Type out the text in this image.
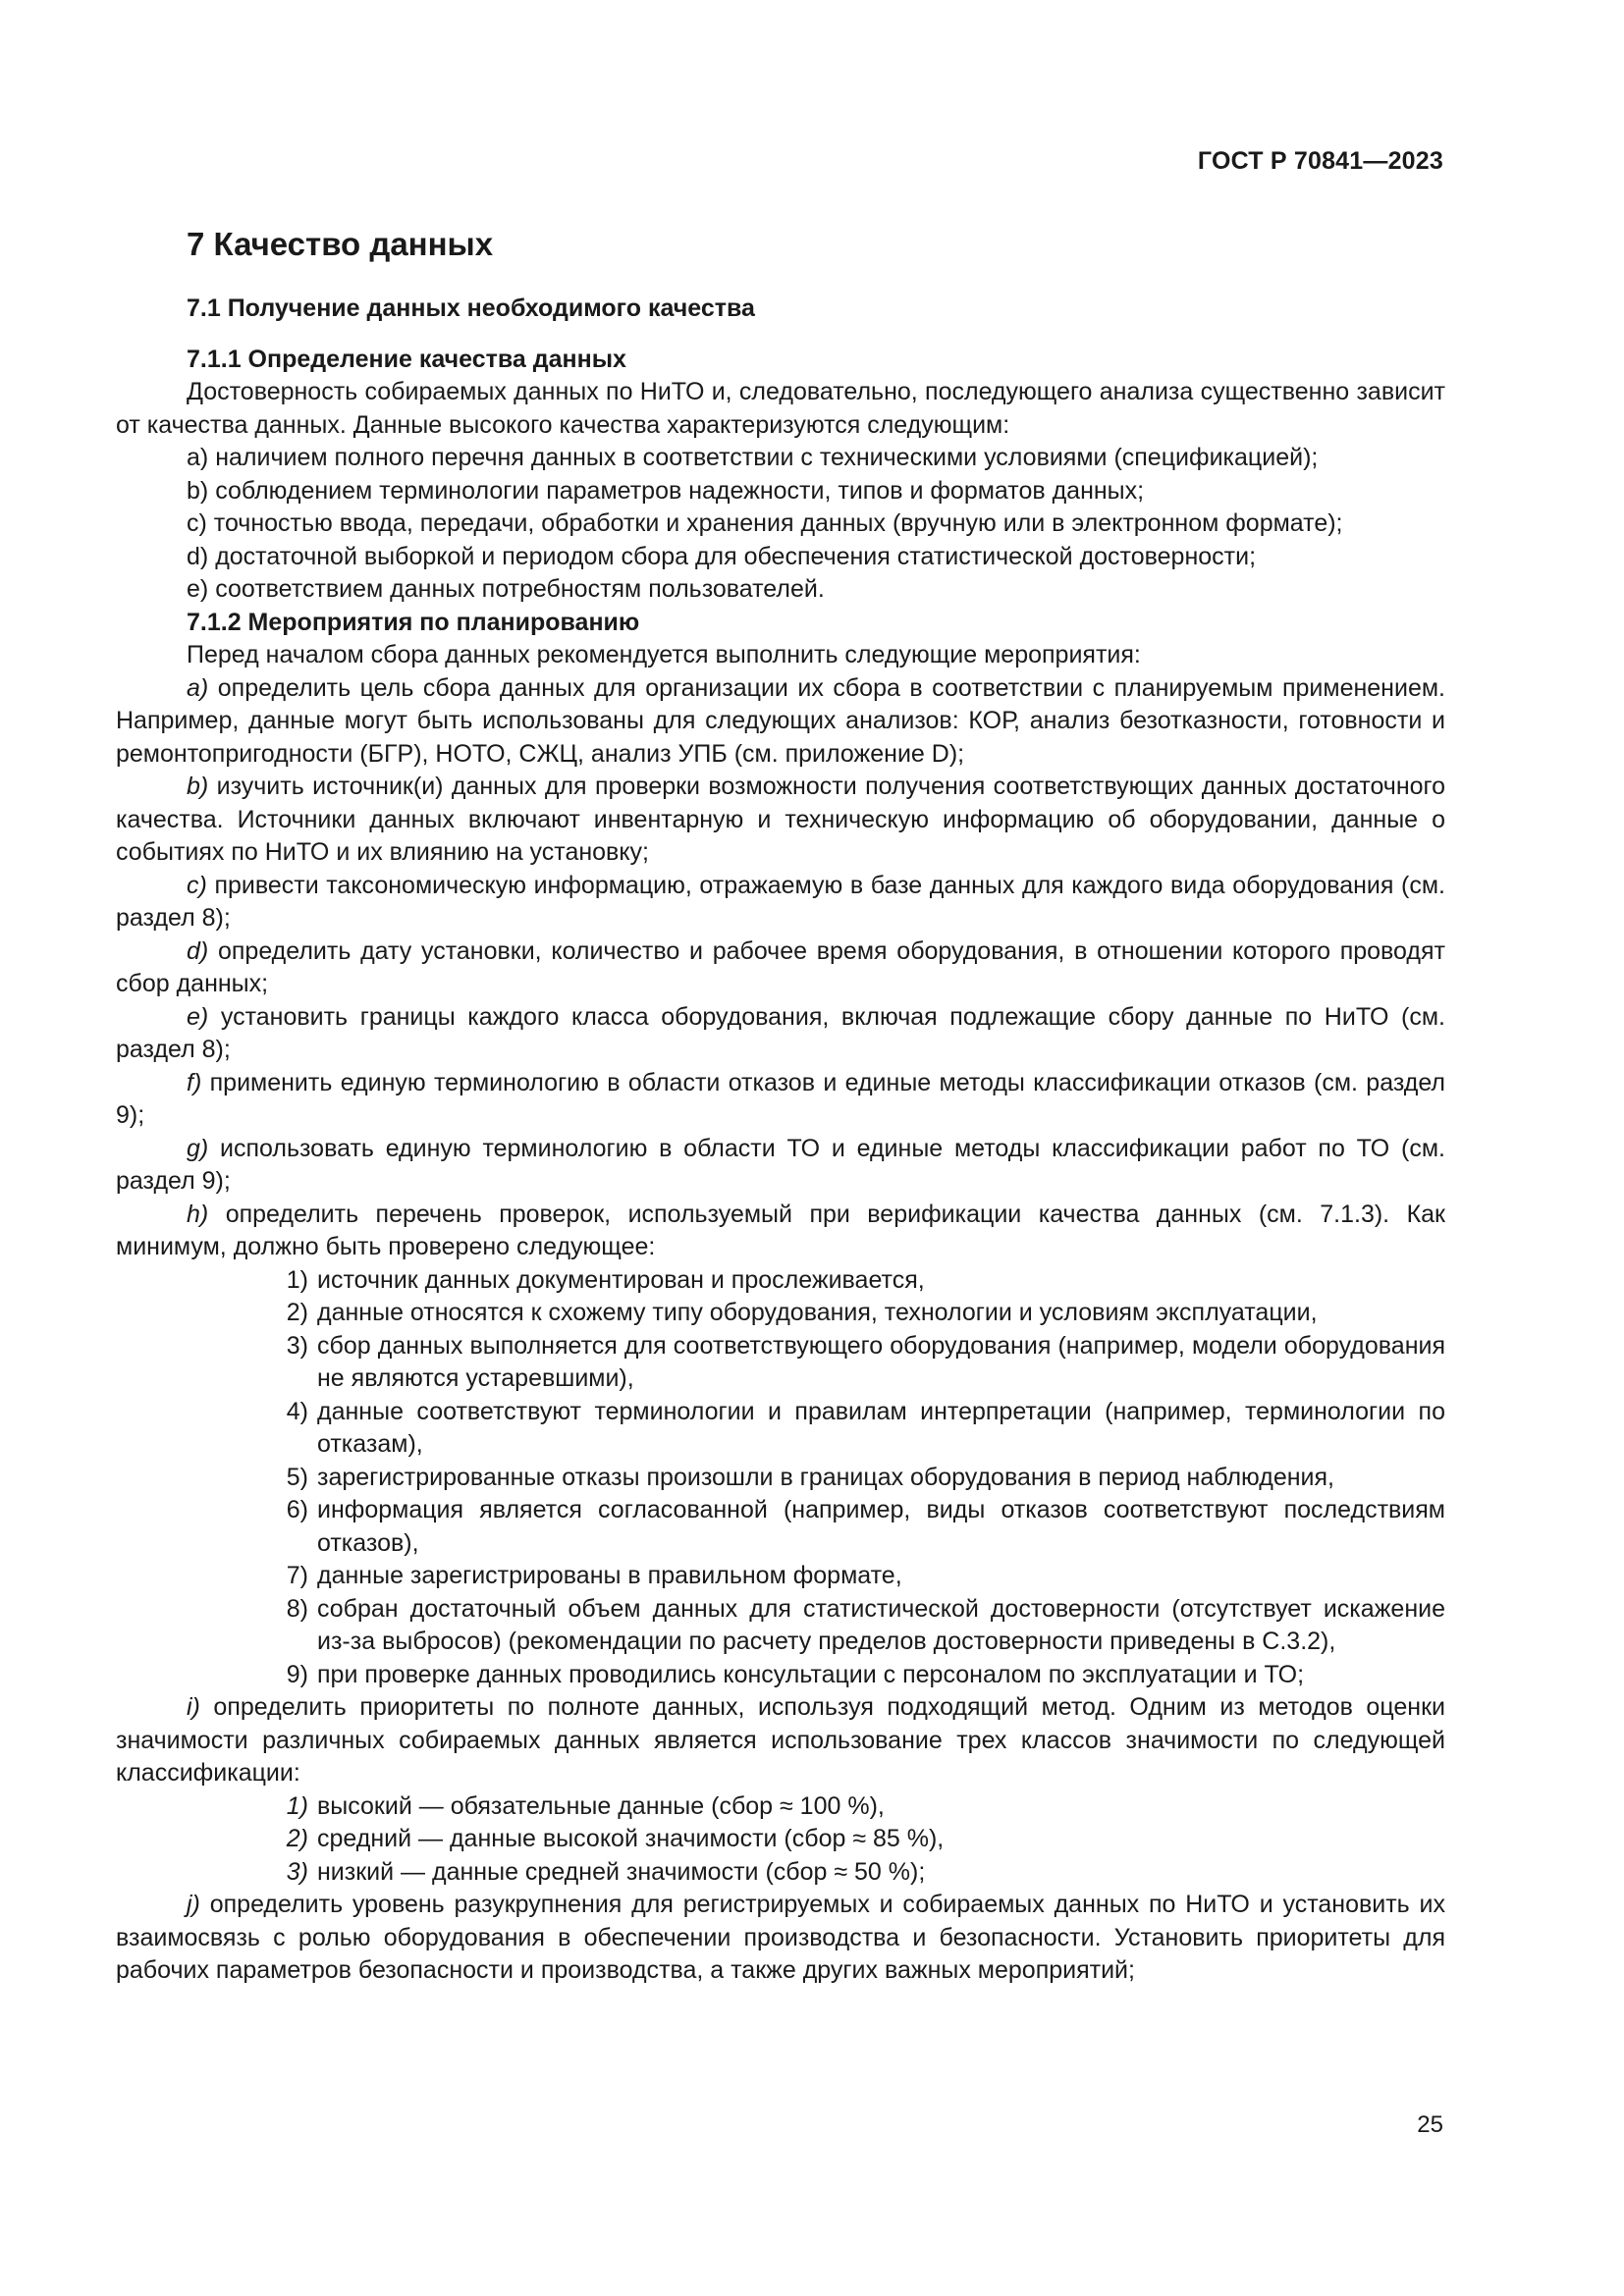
ГОСТ Р 70841—2023
7 Качество данных
7.1 Получение данных необходимого качества
7.1.1 Определение качества данных

Достоверность собираемых данных по НиТО и, следовательно, последующего анализа существенно зависит от качества данных. Данные высокого качества характеризуются следующим:

a) наличием полного перечня данных в соответствии с техническими условиями (спецификацией);

b) соблюдением терминологии параметров надежности, типов и форматов данных;

c) точностью ввода, передачи, обработки и хранения данных (вручную или в электронном формате);

d) достаточной выборкой и периодом сбора для обеспечения статистической достоверности;

e) соответствием данных потребностям пользователей.

7.1.2 Мероприятия по планированию

Перед началом сбора данных рекомендуется выполнить следующие мероприятия:

a) определить цель сбора данных для организации их сбора в соответствии с планируемым применением. Например, данные могут быть использованы для следующих анализов: КОР, анализ безотказности, готовности и ремонтопригодности (БГР), НОТО, СЖЦ, анализ УПБ (см. приложение D);

b) изучить источник(и) данных для проверки возможности получения соответствующих данных достаточного качества. Источники данных включают инвентарную и техническую информацию об оборудовании, данные о событиях по НиТО и их влиянию на установку;

c) привести таксономическую информацию, отражаемую в базе данных для каждого вида оборудования (см. раздел 8);

d) определить дату установки, количество и рабочее время оборудования, в отношении которого проводят сбор данных;

e) установить границы каждого класса оборудования, включая подлежащие сбору данные по НиТО (см. раздел 8);

f) применить единую терминологию в области отказов и единые методы классификации отказов (см. раздел 9);

g) использовать единую терминологию в области ТО и единые методы классификации работ по ТО (см. раздел 9);

h) определить перечень проверок, используемый при верификации качества данных (см. 7.1.3). Как минимум, должно быть проверено следующее:

1) источник данных документирован и прослеживается,
2) данные относятся к схожему типу оборудования, технологии и условиям эксплуатации,
3) сбор данных выполняется для соответствующего оборудования (например, модели оборудования не являются устаревшими),
4) данные соответствуют терминологии и правилам интерпретации (например, терминологии по отказам),
5) зарегистрированные отказы произошли в границах оборудования в период наблюдения,
6) информация является согласованной (например, виды отказов соответствуют последствиям отказов),
7) данные зарегистрированы в правильном формате,
8) собран достаточный объем данных для статистической достоверности (отсутствует искажение из-за выбросов) (рекомендации по расчету пределов достоверности приведены в С.3.2),
9) при проверке данных проводились консультации с персоналом по эксплуатации и ТО;

i) определить приоритеты по полноте данных, используя подходящий метод. Одним из методов оценки значимости различных собираемых данных является использование трех классов значимости по следующей классификации:

1) высокий — обязательные данные (сбор ≈ 100 %),
2) средний — данные высокой значимости (сбор ≈ 85 %),
3) низкий — данные средней значимости (сбор ≈ 50 %);

j) определить уровень разукрупнения для регистрируемых и собираемых данных по НиТО и установить их взаимосвязь с ролью оборудования в обеспечении производства и безопасности. Установить приоритеты для рабочих параметров безопасности и производства, а также других важных мероприятий;

25
